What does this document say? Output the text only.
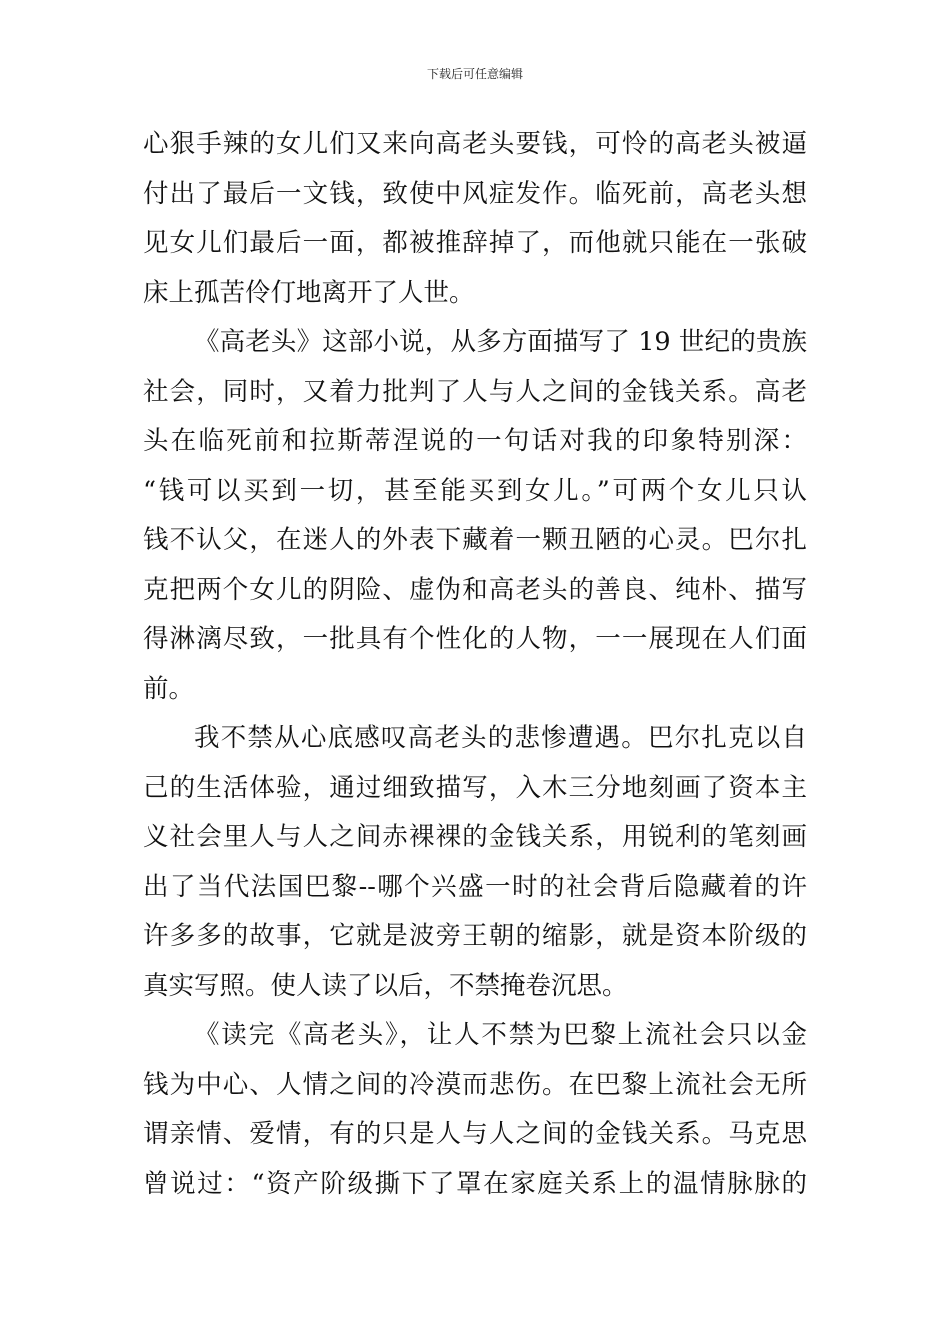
下载后可任意编辑
心狠手辣的女儿们又来向高老头要钱，可怜的高老头被逼
付出了最后一文钱，致使中风症发作。临死前，高老头想
见女儿们最后一面，都被推辞掉了，而他就只能在一张破
床上孤苦伶仃地离开了人世。
《高老头》这部小说，从多方面描写了 19 世纪的贵族
社会，同时，又着力批判了人与人之间的金钱关系。高老
头在临死前和拉斯蒂涅说的一句话对我的印象特别深：
“钱可以买到一切，甚至能买到女儿。”可两个女儿只认
钱不认父，在迷人的外表下藏着一颗丑陋的心灵。巴尔扎
克把两个女儿的阴险、虚伪和高老头的善良、纯朴、描写
得淋漓尽致，一批具有个性化的人物，一一展现在人们面
前。
我不禁从心底感叹高老头的悲惨遭遇。巴尔扎克以自
己的生活体验，通过细致描写，入木三分地刻画了资本主
义社会里人与人之间赤裸裸的金钱关系，用锐利的笔刻画
出了当代法国巴黎--哪个兴盛一时的社会背后隐藏着的许
许多多的故事，它就是波旁王朝的缩影，就是资本阶级的
真实写照。使人读了以后，不禁掩卷沉思。
《读完《高老头》，让人不禁为巴黎上流社会只以金
钱为中心、人情之间的冷漠而悲伤。在巴黎上流社会无所
谓亲情、爱情，有的只是人与人之间的金钱关系。马克思
曾说过：“资产阶级撕下了罩在家庭关系上的温情脉脉的
